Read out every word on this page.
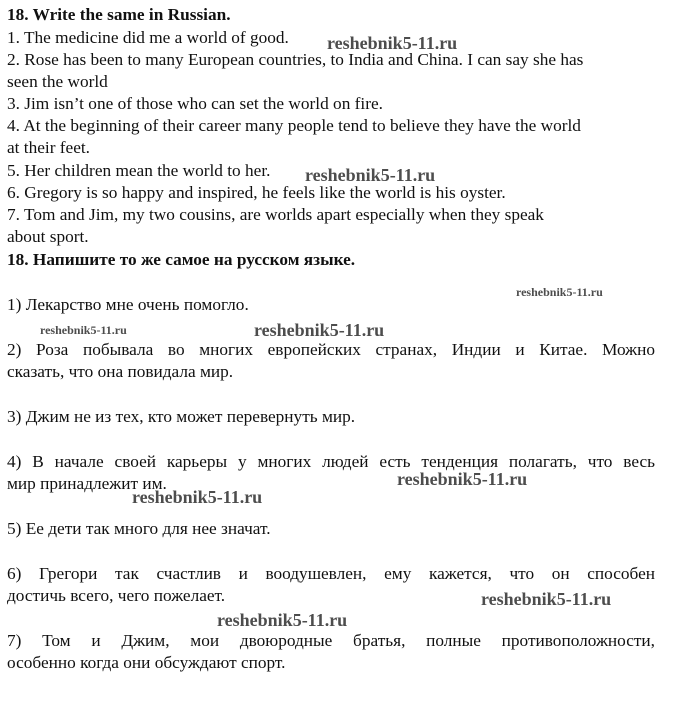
18. Write the same in Russian.
1. The medicine did me a world of good.
2. Rose has been to many European countries, to India and China. I can say she has
seen the world
3. Jim isn’t one of those who can set the world on fire.
4. At the beginning of their career many people tend to believe they have the world
at their feet.
5. Her children mean the world to her.
6. Gregory is so happy and inspired, he feels like the world is his oyster.
7. Tom and Jim, my two cousins, are worlds apart especially when they speak
about sport.
18. Напишите то же самое на русском языке.
1) Лекарство мне очень помогло.
2) Роза побывала во многих европейских странах, Индии и Китае. Можно
сказать, что она повидала мир.
3) Джим не из тех, кто может перевернуть мир.
4) В начале своей карьеры у многих людей есть тенденция полагать, что весь
мир принадлежит им.
5) Ее дети так много для нее значат.
6) Грегори так счастлив и воодушевлен, ему кажется, что он способен
достичь всего, чего пожелает.
7) Том и Джим, мои двоюродные братья, полные противоположности,
особенно когда они обсуждают спорт.
reshebnik5-11.ru
reshebnik5-11.ru
reshebnik5-11.ru
reshebnik5-11.ru	reshebnik5-11.ru
reshebnik5-11.ru
reshebnik5-11.ru
reshebnik5-11.ru
reshebnik5-11.ru
